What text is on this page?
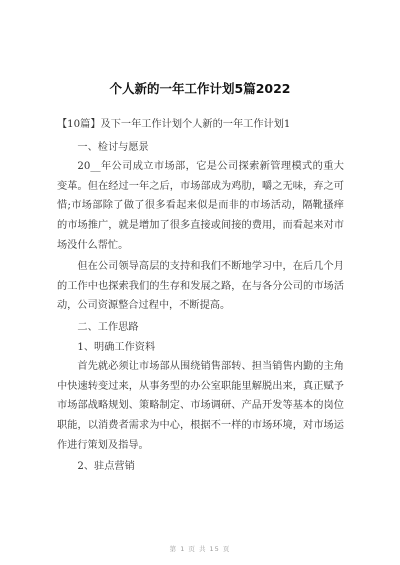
个人新的一年工作计划5篇2022

【10篇】及下一年工作计划个人新的一年工作计划1

一、检讨与愿景

20__年公司成立市场部，它是公司探索新管理模式的重大变革。但在经过一年之后，市场部成为鸡肋，嚼之无味，弃之可惜;市场部除了做了很多看起来似是而非的市场活动，隔靴搔痒的市场推广，就是增加了很多直接或间接的费用，而看起来对市场没什么帮忙。

但在公司领导高层的支持和我们不断地学习中，在后几个月的工作中也探索我们的生存和发展之路，在与各分公司的市场活动，公司资源整合过程中，不断提高。

二、工作思路

1、明确工作资料

首先就必须让市场部从围绕销售部转、担当销售内勤的主角中快速转变过来，从事务型的办公室职能里解脱出来，真正赋予市场部战略规划、策略制定、市场调研、产品开发等基本的岗位职能，以消费者需求为中心，根据不一样的市场环境，对市场运作进行策划及指导。

2、驻点营销

第 1 页 共 15 页
